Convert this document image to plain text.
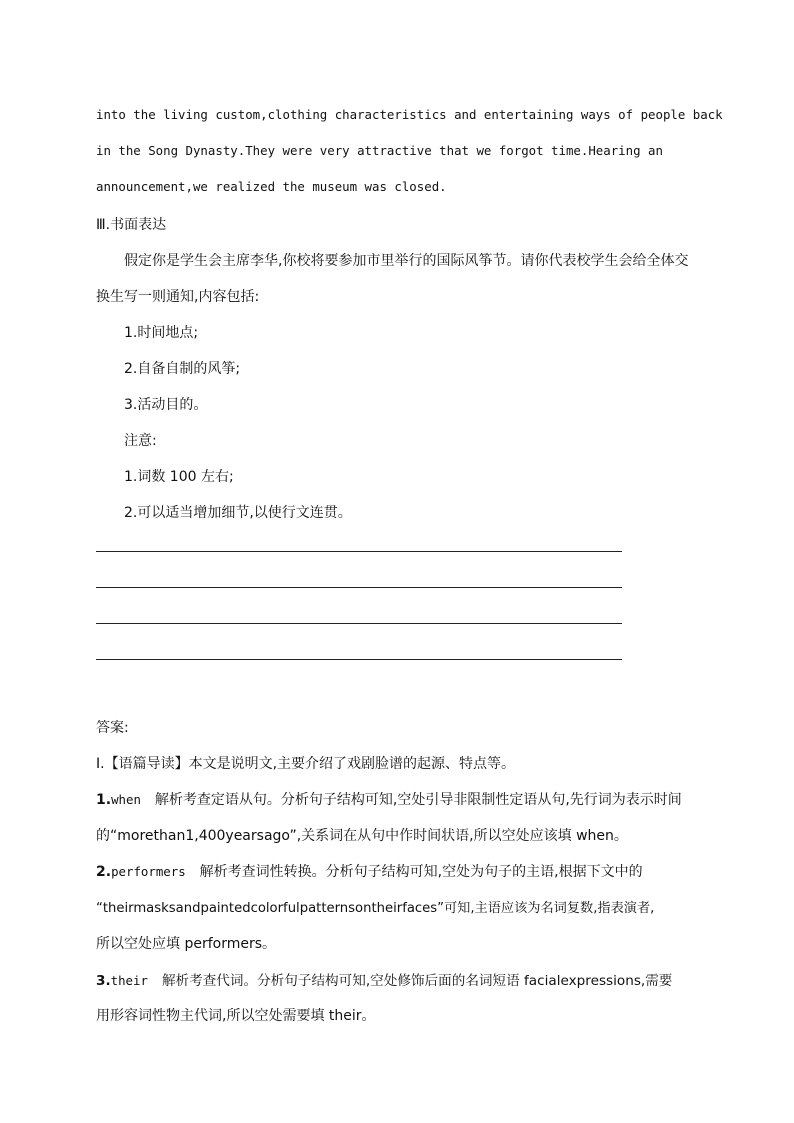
into the living custom,clothing characteristics and entertaining ways of people back
in the Song Dynasty.They were very attractive that we forgot time.Hearing an
announcement,we realized the museum was closed.
Ⅲ.书面表达
假定你是学生会主席李华,你校将要参加市里举行的国际风筝节。请你代表校学生会给全体交
换生写一则通知,内容包括:
1.时间地点;
2.自备自制的风筝;
3.活动目的。
注意:
1.词数 100 左右;
2.可以适当增加细节,以使行文连贯。
答案:
Ⅰ.【语篇导读】本文是说明文,主要介绍了戏剧脸谱的起源、特点等。
1.when 解析考查定语从句。分析句子结构可知,空处引导非限制性定语从句,先行词为表示时间
的“morethan1,400yearsago”,关系词在从句中作时间状语,所以空处应该填 when。
2.performers 解析考查词性转换。分析句子结构可知,空处为句子的主语,根据下文中的
“theirmasksandpaintedcolorfulpatternsontheirfaces”可知,主语应该为名词复数,指表演者,
所以空处应填 performers。
3.their 解析考查代词。分析句子结构可知,空处修饰后面的名词短语 facialexpressions,需要
用形容词性物主代词,所以空处需要填 their。
